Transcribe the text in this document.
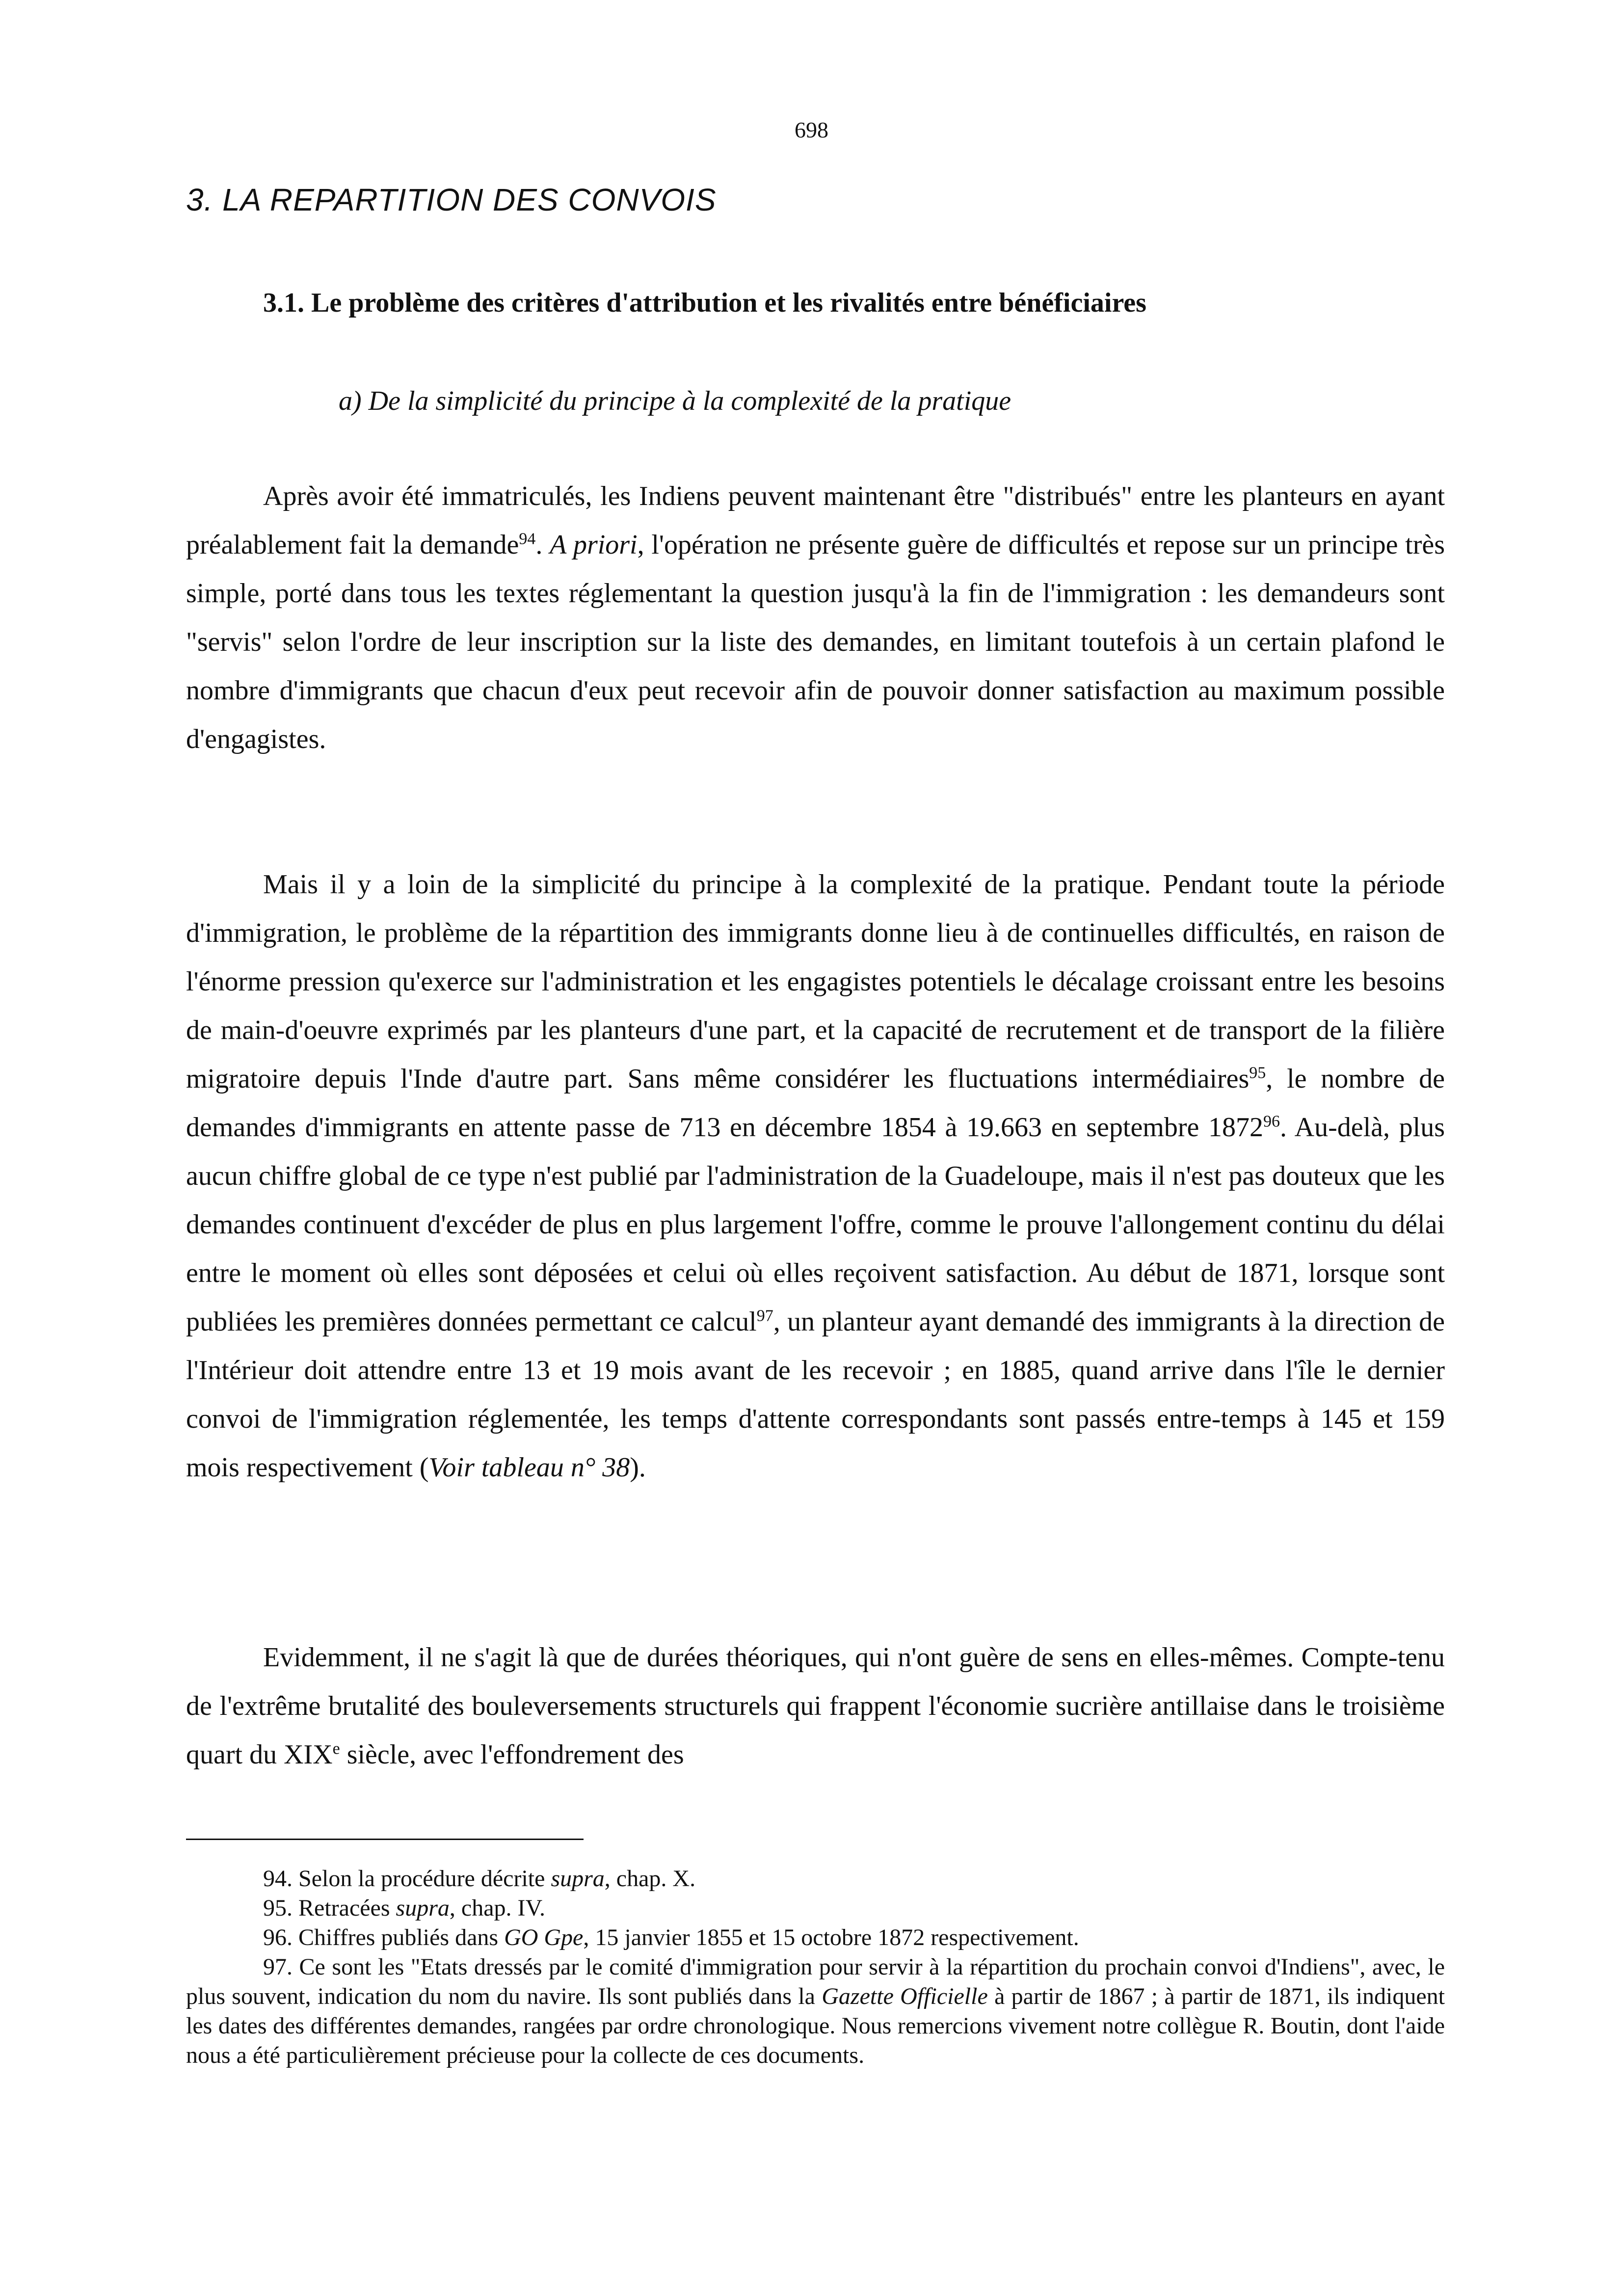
698
3. LA REPARTITION DES CONVOIS
3.1. Le problème des critères d'attribution et les rivalités entre bénéficiaires
a) De la simplicité du principe à la complexité de la pratique

Après avoir été immatriculés, les Indiens peuvent maintenant être "distribués" entre les planteurs en ayant préalablement fait la demande$^{94}$. A priori, l'opération ne présente guère de difficultés et repose sur un principe très simple, porté dans tous les textes réglementant la question jusqu'à la fin de l'immigration : les demandeurs sont "servis" selon l'ordre de leur inscription sur la liste des demandes, en limitant toutefois à un certain plafond le nombre d'immigrants que chacun d'eux peut recevoir afin de pouvoir donner satisfaction au maximum possible d'engagistes.

Mais il y a loin de la simplicité du principe à la complexité de la pratique. Pendant toute la période d'immigration, le problème de la répartition des immigrants donne lieu à de continuelles difficultés, en raison de l'énorme pression qu'exerce sur l'administration et les engagistes potentiels le décalage croissant entre les besoins de main-d'oeuvre exprimés par les planteurs d'une part, et la capacité de recrutement et de transport de la filière migratoire depuis l'Inde d'autre part. Sans même considérer les fluctuations intermédiaires$^{95}$, le nombre de demandes d'immigrants en attente passe de 713 en décembre 1854 à 19.663 en septembre 1872$^{96}$. Au-delà, plus aucun chiffre global de ce type n'est publié par l'administration de la Guadeloupe, mais il n'est pas douteux que les demandes continuent d'excéder de plus en plus largement l'offre, comme le prouve l'allongement continu du délai entre le moment où elles sont déposées et celui où elles reçoivent satisfaction. Au début de 1871, lorsque sont publiées les premières données permettant ce calcul$^{97}$, un planteur ayant demandé des immigrants à la direction de l'Intérieur doit attendre entre 13 et 19 mois avant de les recevoir ; en 1885, quand arrive dans l'île le dernier convoi de l'immigration réglementée, les temps d'attente correspondants sont passés entre-temps à 145 et 159 mois respectivement (Voir tableau n° 38).

Evidemment, il ne s'agit là que de durées théoriques, qui n'ont guère de sens en elles-mêmes. Compte-tenu de l'extrême brutalité des bouleversements structurels qui frappent l'économie sucrière antillaise dans le troisième quart du XIXe siècle, avec l'effondrement des

94. Selon la procédure décrite supra, chap. X.

95. Retracées supra, chap. IV.

96. Chiffres publiés dans GO Gpe, 15 janvier 1855 et 15 octobre 1872 respectivement.

97. Ce sont les "Etats dressés par le comité d'immigration pour servir à la répartition du prochain convoi d'Indiens", avec, le plus souvent, indication du nom du navire. Ils sont publiés dans la Gazette Officielle à partir de 1867 ; à partir de 1871, ils indiquent les dates des différentes demandes, rangées par ordre chronologique. Nous remercions vivement notre collègue R. Boutin, dont l'aide nous a été particulièrement précieuse pour la collecte de ces documents.
